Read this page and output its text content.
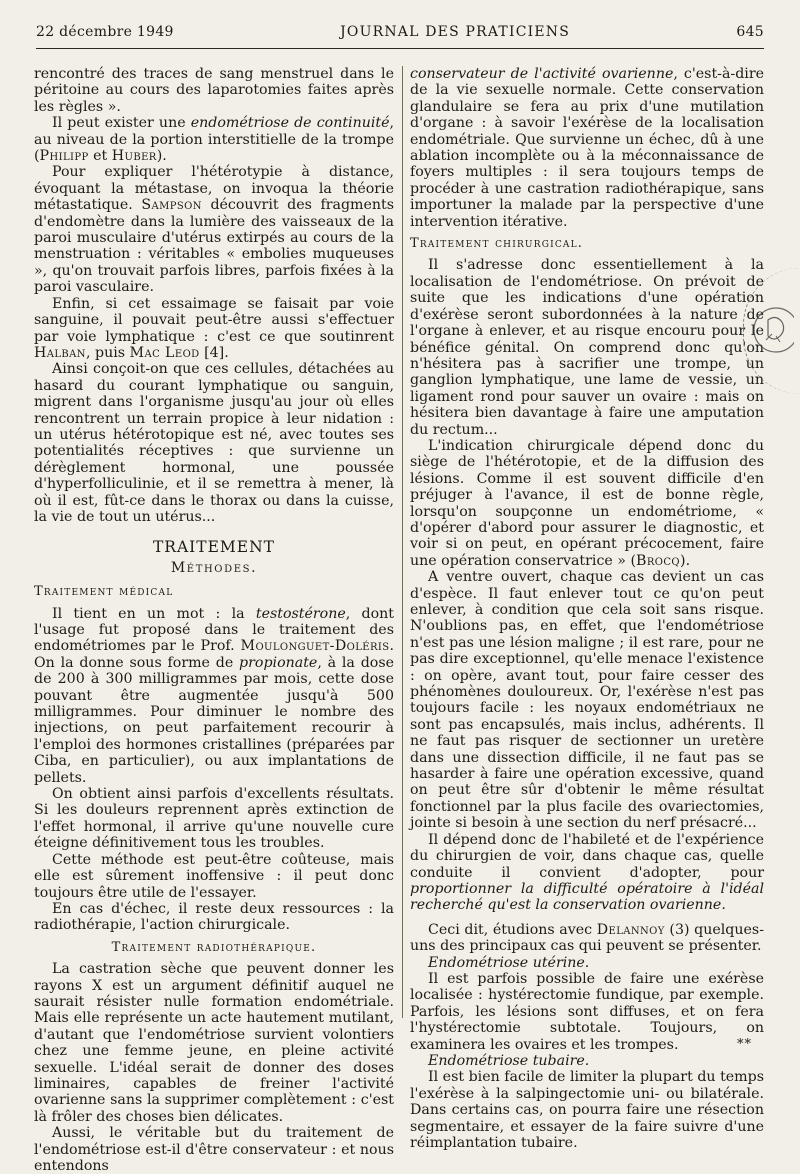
22 décembre 1949	JOURNAL DES PRATICIENS	645

rencontré des traces de sang menstruel dans le péritoine au cours des laparotomies faites après les règles ».

Il peut exister une endométriose de continuité, au niveau de la portion interstitielle de la trompe (Philipp et Huber).

Pour expliquer l'hétérotypie à distance, évoquant la métastase, on invoqua la théorie métastatique. Sampson découvrit des fragments d'endomètre dans la lumière des vaisseaux de la paroi musculaire d'utérus extirpés au cours de la menstruation : véritables « embolies muqueuses », qu'on trouvait parfois libres, parfois fixées à la paroi vasculaire.

Enfin, si cet essaimage se faisait par voie sanguine, il pouvait peut-être aussi s'effectuer par voie lymphatique : c'est ce que soutinrent Halban, puis Mac Leod [4].

Ainsi conçoit-on que ces cellules, détachées au hasard du courant lymphatique ou sanguin, migrent dans l'organisme jusqu'au jour où elles rencontrent un terrain propice à leur nidation : un utérus hétérotopique est né, avec toutes ses potentialités réceptives : que survienne un dérèglement hormonal, une poussée d'hyperfolliculinie, et il se remettra à mener, là où il est, fût-ce dans le thorax ou dans la cuisse, la vie de tout un utérus...

TRAITEMENT
Méthodes.
Traitement médical

Il tient en un mot : la testostérone, dont l'usage fut proposé dans le traitement des endométriomes par le Prof. Moulonguet-Doléris. On la donne sous forme de propionate, à la dose de 200 à 300 milligrammes par mois, cette dose pouvant être augmentée jusqu'à 500 milligrammes. Pour diminuer le nombre des injections, on peut parfaitement recourir à l'emploi des hormones cristallines (préparées par Ciba, en particulier), ou aux implantations de pellets.

On obtient ainsi parfois d'excellents résultats. Si les douleurs reprennent après extinction de l'effet hormonal, il arrive qu'une nouvelle cure éteigne définitivement tous les troubles.

Cette méthode est peut-être coûteuse, mais elle est sûrement inoffensive : il peut donc toujours être utile de l'essayer.

En cas d'échec, il reste deux ressources : la radiothérapie, l'action chirurgicale.

Traitement radiothérapique.

La castration sèche que peuvent donner les rayons X est un argument définitif auquel ne saurait résister nulle formation endométriale. Mais elle représente un acte hautement mutilant, d'autant que l'endométriose survient volontiers chez une femme jeune, en pleine activité sexuelle. L'idéal serait de donner des doses liminaires, capables de freiner l'activité ovarienne sans la supprimer complètement : c'est là frôler des choses bien délicates.

Aussi, le véritable but du traitement de l'endométriose est-il d'être conservateur : et nous entendons

conservateur de l'activité ovarienne, c'est-à-dire de la vie sexuelle normale. Cette conservation glandulaire se fera au prix d'une mutilation d'organe : à savoir l'exérèse de la localisation endométriale. Que survienne un échec, dû à une ablation incomplète ou à la méconnaissance de foyers multiples : il sera toujours temps de procéder à une castration radiothérapique, sans importuner la malade par la perspective d'une intervention itérative.

Traitement chirurgical.

Il s'adresse donc essentiellement à la localisation de l'endométriose. On prévoit de suite que les indications d'une opération d'exérèse seront subordonnées à la nature de l'organe à enlever, et au risque encouru pour le bénéfice génital. On comprend donc qu'on n'hésitera pas à sacrifier une trompe, un ganglion lymphatique, une lame de vessie, un ligament rond pour sauver un ovaire : mais on hésitera bien davantage à faire une amputation du rectum...

L'indication chirurgicale dépend donc du siège de l'hétérotopie, et de la diffusion des lésions. Comme il est souvent difficile d'en préjuger à l'avance, il est de bonne règle, lorsqu'on soupçonne un endométriome, « d'opérer d'abord pour assurer le diagnostic, et voir si on peut, en opérant précocement, faire une opération conservatrice » (Brocq).

A ventre ouvert, chaque cas devient un cas d'espèce. Il faut enlever tout ce qu'on peut enlever, à condition que cela soit sans risque. N'oublions pas, en effet, que l'endométriose n'est pas une lésion maligne ; il est rare, pour ne pas dire exceptionnel, qu'elle menace l'existence : on opère, avant tout, pour faire cesser des phénomènes douloureux. Or, l'exérèse n'est pas toujours facile : les noyaux endométriaux ne sont pas encapsulés, mais inclus, adhérents. Il ne faut pas risquer de sectionner un uretère dans une dissection difficile, il ne faut pas se hasarder à faire une opération excessive, quand on peut être sûr d'obtenir le même résultat fonctionnel par la plus facile des ovariectomies, jointe si besoin à une section du nerf présacré...

Il dépend donc de l'habileté et de l'expérience du chirurgien de voir, dans chaque cas, quelle conduite il convient d'adopter, pour proportionner la difficulté opératoire à l'idéal recherché qu'est la conservation ovarienne.

Ceci dit, étudions avec Delannoy (3) quelques-uns des principaux cas qui peuvent se présenter.

Endométriose utérine.

Il est parfois possible de faire une exérèse localisée : hystérectomie fundique, par exemple. Parfois, les lésions sont diffuses, et on fera l'hystérectomie subtotale. Toujours, on examinera les ovaires et les trompes.

Endométriose tubaire.

Il est bien facile de limiter la plupart du temps l'exérèse à la salpingectomie uni- ou bilatérale. Dans certains cas, on pourra faire une résection segmentaire, et essayer de la faire suivre d'une réimplantation tubaire.

**
